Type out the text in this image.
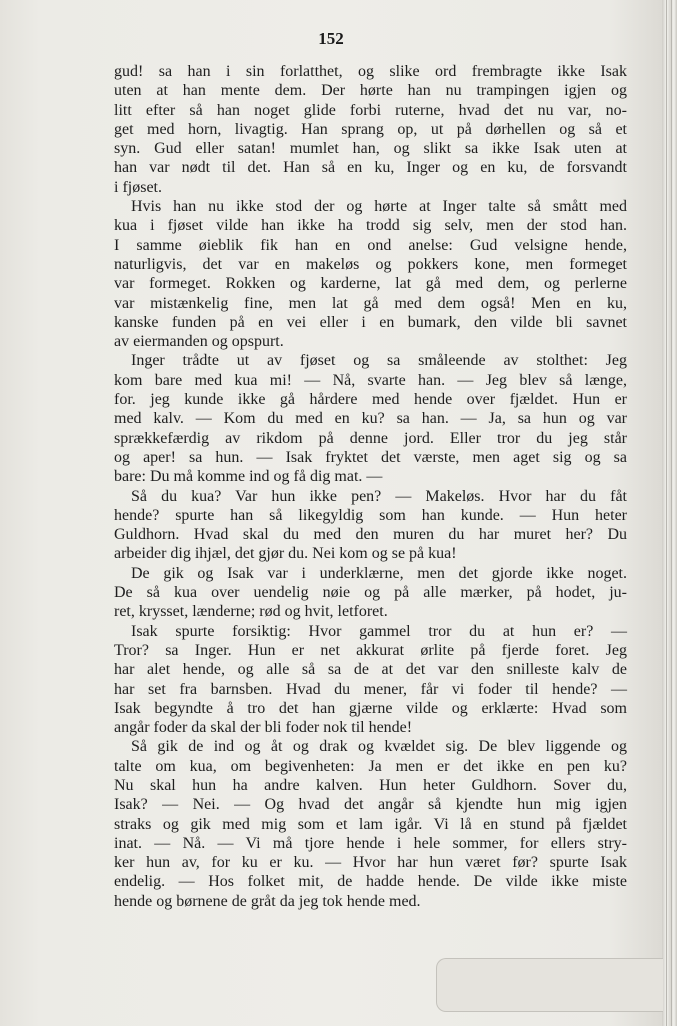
152
gud! sa han i sin forlatthet, og slike ord frembragte ikke Isak
uten at han mente dem. Der hørte han nu trampingen igjen og
litt efter så han noget glide forbi ruterne, hvad det nu var, no-
get med horn, livagtig. Han sprang op, ut på dørhellen og så et
syn. Gud eller satan! mumlet han, og slikt sa ikke Isak uten at
han var nødt til det. Han så en ku, Inger og en ku, de forsvandt
i fjøset.
Hvis han nu ikke stod der og hørte at Inger talte så smått med
kua i fjøset vilde han ikke ha trodd sig selv, men der stod han.
I samme øieblik fik han en ond anelse: Gud velsigne hende,
naturligvis, det var en makeløs og pokkers kone, men formeget
var formeget. Rokken og karderne, lat gå med dem, og perlerne
var mistænkelig fine, men lat gå med dem også! Men en ku,
kanske funden på en vei eller i en bumark, den vilde bli savnet
av eiermanden og opspurt.
Inger trådte ut av fjøset og sa småleende av stolthet: Jeg
kom bare med kua mi! — Nå, svarte han. — Jeg blev så længe,
for. jeg kunde ikke gå hårdere med hende over fjældet. Hun er
med kalv. — Kom du med en ku? sa han. — Ja, sa hun og var
sprækkefærdig av rikdom på denne jord. Eller tror du jeg står
og aper! sa hun. — Isak fryktet det værste, men aget sig og sa
bare: Du må komme ind og få dig mat. —
Så du kua? Var hun ikke pen? — Makeløs. Hvor har du fåt
hende? spurte han så likegyldig som han kunde. — Hun heter
Guldhorn. Hvad skal du med den muren du har muret her? Du
arbeider dig ihjæl, det gjør du. Nei kom og se på kua!
De gik og Isak var i underklærne, men det gjorde ikke noget.
De så kua over uendelig nøie og på alle mærker, på hodet, ju-
ret, krysset, lænderne; rød og hvit, letforet.
Isak spurte forsiktig: Hvor gammel tror du at hun er? —
Tror? sa Inger. Hun er net akkurat ørlite på fjerde foret. Jeg
har alet hende, og alle så sa de at det var den snilleste kalv de
har set fra barnsben. Hvad du mener, får vi foder til hende? —
Isak begyndte å tro det han gjærne vilde og erklærte: Hvad som
angår foder da skal der bli foder nok til hende!
Så gik de ind og åt og drak og kvældet sig. De blev liggende og
talte om kua, om begivenheten: Ja men er det ikke en pen ku?
Nu skal hun ha andre kalven. Hun heter Guldhorn. Sover du,
Isak? — Nei. — Og hvad det angår så kjendte hun mig igjen
straks og gik med mig som et lam igår. Vi lå en stund på fjældet
inat. — Nå. — Vi må tjore hende i hele sommer, for ellers stry-
ker hun av, for ku er ku. — Hvor har hun været før? spurte Isak
endelig. — Hos folket mit, de hadde hende. De vilde ikke miste
hende og børnene de gråt da jeg tok hende med.
